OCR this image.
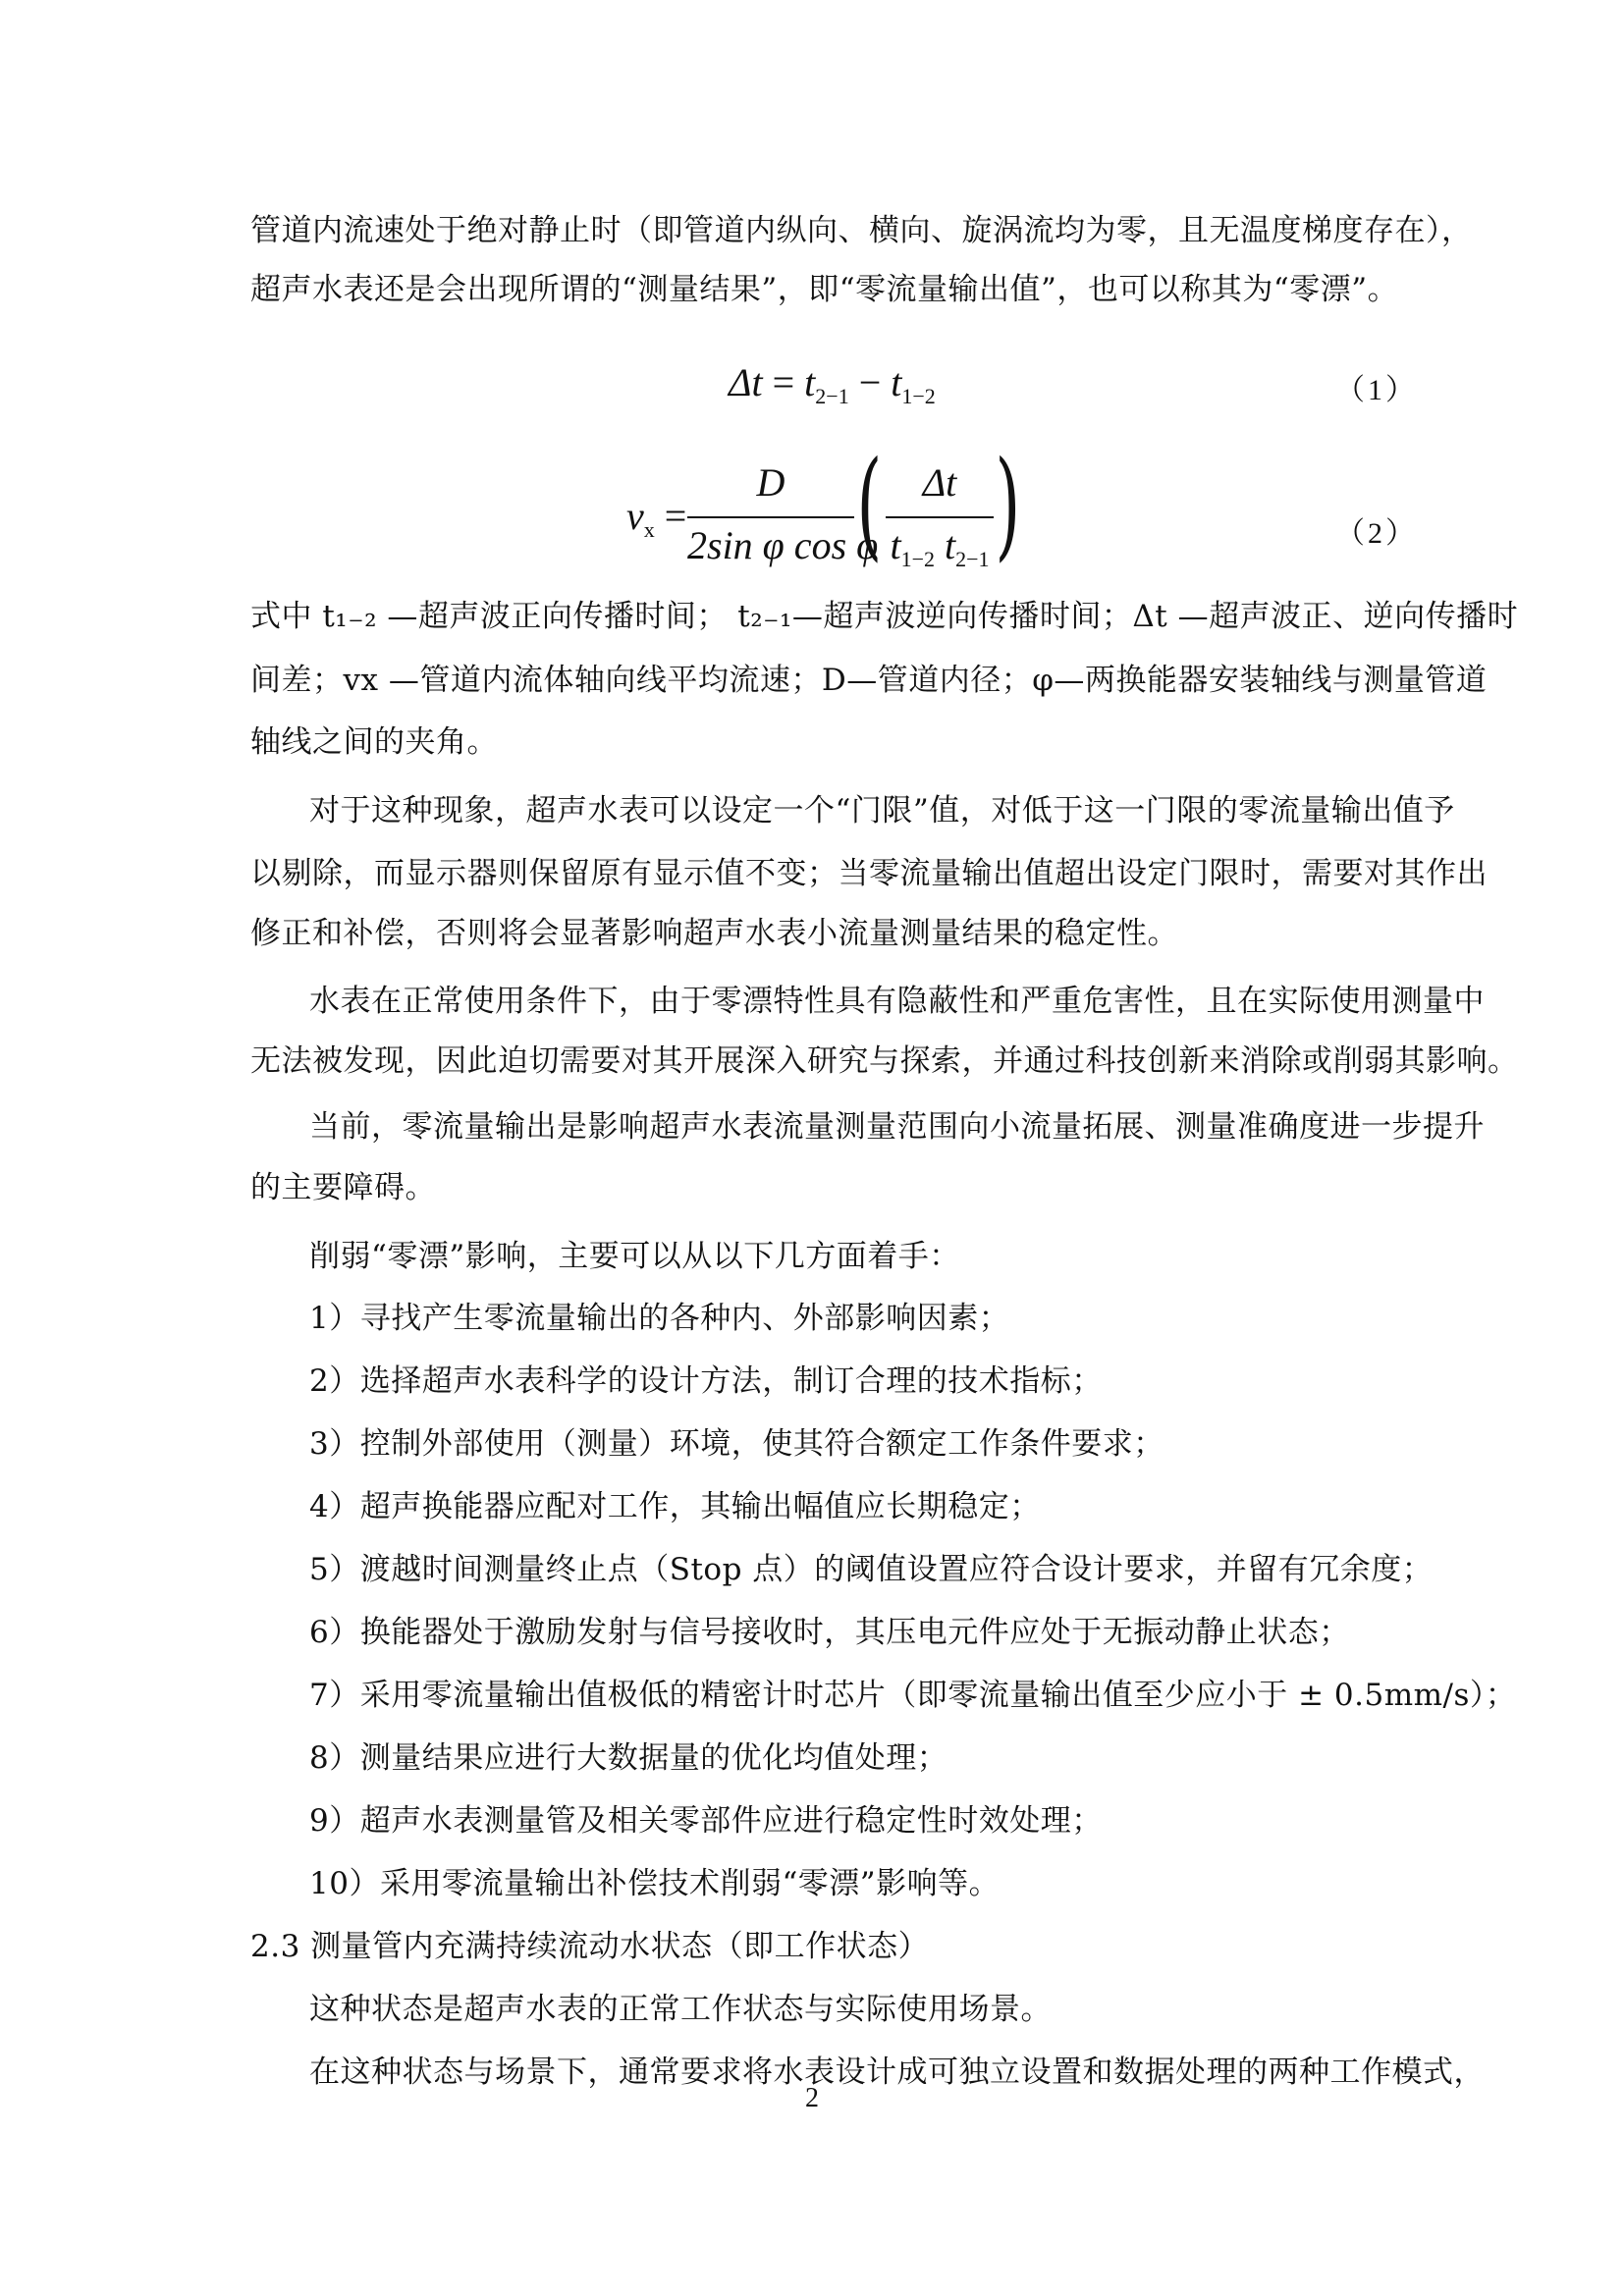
管道内流速处于绝对静止时（即管道内纵向、横向、旋涡流均为零，且无温度梯度存在），
超声水表还是会出现所谓的“测量结果”，即“零流量输出值”，也可以称其为“零漂”。
$\Delta t = t_{2-1} - t_{1-2}$	（1）
$v_x$ =
D
2sin φ cos φ
(	Δt
$t_{1-2}$ $t_{2-1}$ )	（2）
式中 t₁₋₂ —超声波正向传播时间； t₂₋₁—超声波逆向传播时间；Δt —超声波正、逆向传播时
间差；vx —管道内流体轴向线平均流速；D—管道内径；φ—两换能器安装轴线与测量管道
轴线之间的夹角。
对于这种现象，超声水表可以设定一个“门限”值，对低于这一门限的零流量输出值予
以剔除，而显示器则保留原有显示值不变；当零流量输出值超出设定门限时，需要对其作出
修正和补偿，否则将会显著影响超声水表小流量测量结果的稳定性。
水表在正常使用条件下，由于零漂特性具有隐蔽性和严重危害性，且在实际使用测量中
无法被发现，因此迫切需要对其开展深入研究与探索，并通过科技创新来消除或削弱其影响。
当前，零流量输出是影响超声水表流量测量范围向小流量拓展、测量准确度进一步提升
的主要障碍。
削弱“零漂”影响，主要可以从以下几方面着手：
1）寻找产生零流量输出的各种内、外部影响因素；
2）选择超声水表科学的设计方法，制订合理的技术指标；
3）控制外部使用（测量）环境，使其符合额定工作条件要求；
4）超声换能器应配对工作，其输出幅值应长期稳定；
5）渡越时间测量终止点（Stop 点）的阈值设置应符合设计要求，并留有冗余度；
6）换能器处于激励发射与信号接收时，其压电元件应处于无振动静止状态；
7）采用零流量输出值极低的精密计时芯片（即零流量输出值至少应小于 ± 0.5mm/s）；
8）测量结果应进行大数据量的优化均值处理；
9）超声水表测量管及相关零部件应进行稳定性时效处理；
10）采用零流量输出补偿技术削弱“零漂”影响等。
2.3 测量管内充满持续流动水状态（即工作状态）
这种状态是超声水表的正常工作状态与实际使用场景。
在这种状态与场景下，通常要求将水表设计成可独立设置和数据处理的两种工作模式，
2
